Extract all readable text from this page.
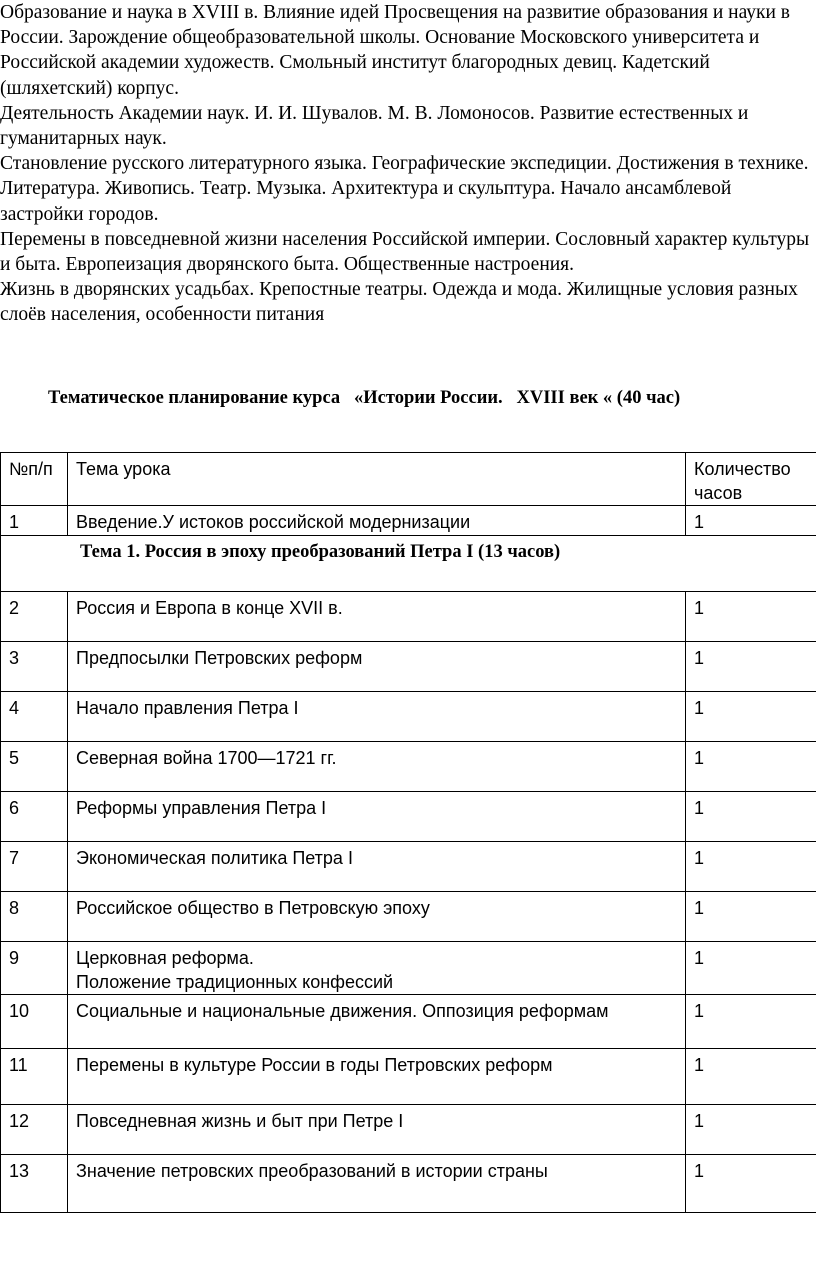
Образование и наука в XVIII в. Влияние идей Просвещения на развитие образования и науки в России. Зарождение общеобразовательной школы. Основание Московского университета и Российской академии художеств. Смольный институт благородных девиц. Кадетский (шляхетский) корпус.

Деятельность Академии наук. И. И. Шувалов. М. В. Ломоносов. Развитие естественных и гуманитарных наук.

Становление русского литературного языка. Географические экспедиции. Достижения в технике.

Литература. Живопись. Театр. Музыка. Архитектура и скульптура. Начало ансамблевой застройки городов.

Перемены в повседневной жизни населения Российской империи. Сословный характер культуры и быта. Европеизация дворянского быта. Общественные настроения.

Жизнь в дворянских усадьбах. Крепостные театры. Одежда и мода. Жилищные условия разных слоёв населения, особенности питания

Тематическое планирование курса   «Истории России.   XVIII век « (40 час)
№п/п	Тема урока	Количество часов
1	Введение.У истоков российской модернизации	1
Тема 1. Россия в эпоху преобразований Петра I (13 часов)		
2	Россия и Европа в конце XVII в.	1
3	Предпосылки Петровских реформ	1
4	Начало правления Петра I	1
5	Северная война 1700—1721 гг.	1
6	Реформы управления Петра I	1
7	Экономическая политика Петра I	1
8	Российское общество в Петровскую эпоху	1
9	Церковная реформа.
Положение традиционных конфессий	1
10	Социальные и национальные движения. Оппозиция реформам	1
11	Перемены в культуре России в годы Петровских реформ	1
12	Повседневная жизнь и быт при Петре I	1
13	Значение петровских преобразований в истории страны	1
